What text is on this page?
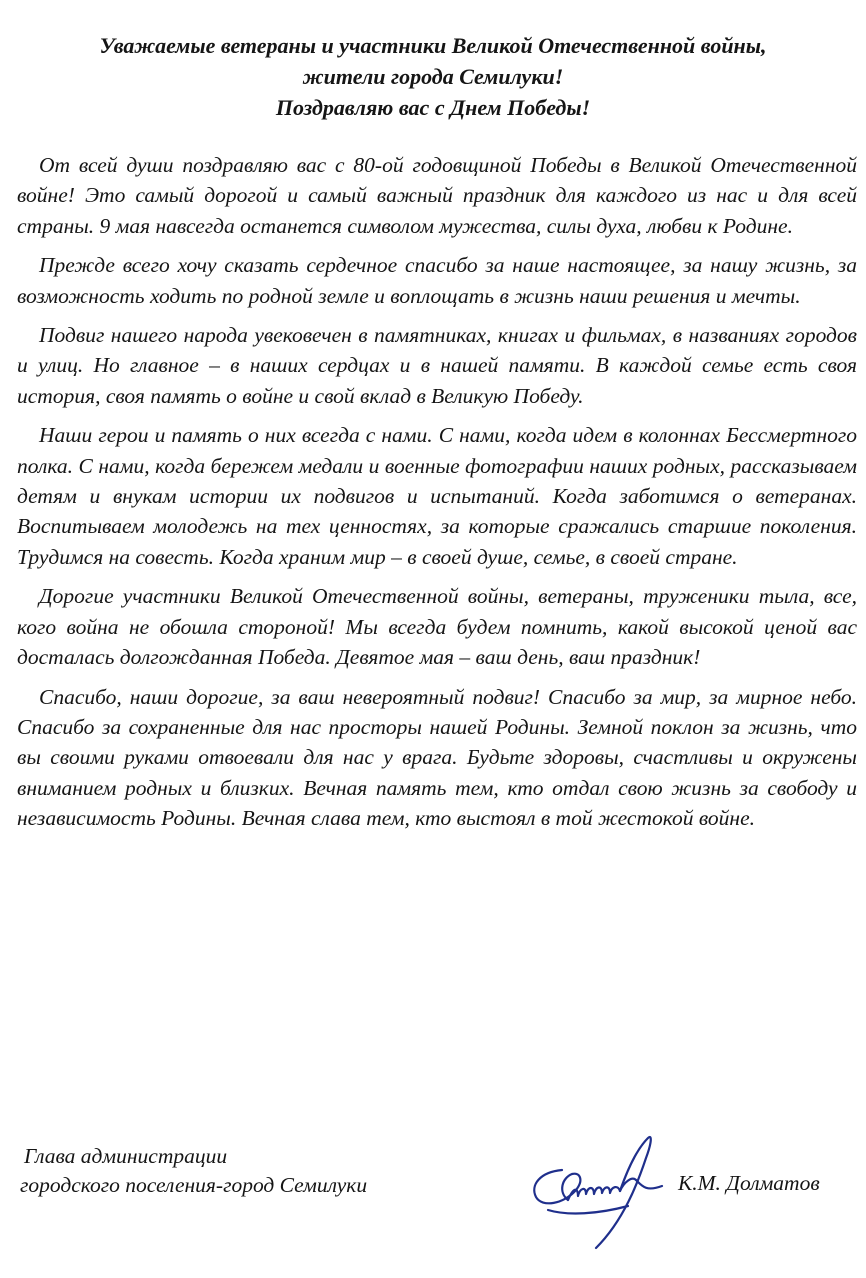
Уважаемые ветераны и участники Великой Отечественной войны,
жители города Семилуки!
Поздравляю вас с Днем Победы!

От всей души поздравляю вас с 80-ой годовщиной Победы в Великой Отечественной войне! Это самый дорогой и самый важный праздник для каждого из нас и для всей страны. 9 мая навсегда останется символом мужества, силы духа, любви к Родине.

Прежде всего хочу сказать сердечное спасибо за наше настоящее, за нашу жизнь, за возможность ходить по родной земле и воплощать в жизнь наши решения и мечты.

Подвиг нашего народа увековечен в памятниках, книгах и фильмах, в названиях городов и улиц. Но главное – в наших сердцах и в нашей памяти. В каждой семье есть своя история, своя память о войне и свой вклад в Великую Победу.

Наши герои и память о них всегда с нами. С нами, когда идем в колоннах Бессмертного полка. С нами, когда бережем медали и военные фотографии наших родных, рассказываем детям и внукам истории их подвигов и испытаний. Когда заботимся о ветеранах. Воспитываем молодежь на тех ценностях, за которые сражались старшие поколения. Трудимся на совесть. Когда храним мир – в своей душе, семье, в своей стране.

Дорогие участники Великой Отечественной войны, ветераны, труженики тыла, все, кого война не обошла стороной! Мы всегда будем помнить, какой высокой ценой вас досталась долгожданная Победа. Девятое мая – ваш день, ваш праздник!

Спасибо, наши дорогие, за ваш невероятный подвиг! Спасибо за мир, за мирное небо. Спасибо за сохраненные для нас просторы нашей Родины. Земной поклон за жизнь, что вы своими руками отвоевали для нас у врага. Будьте здоровы, счастливы и окружены вниманием родных и близких. Вечная память тем, кто отдал свою жизнь за свободу и независимость Родины. Вечная слава тем, кто выстоял в той жестокой войне.

Глава администрации
городского поселения-город Семилуки	К.М. Долматов
